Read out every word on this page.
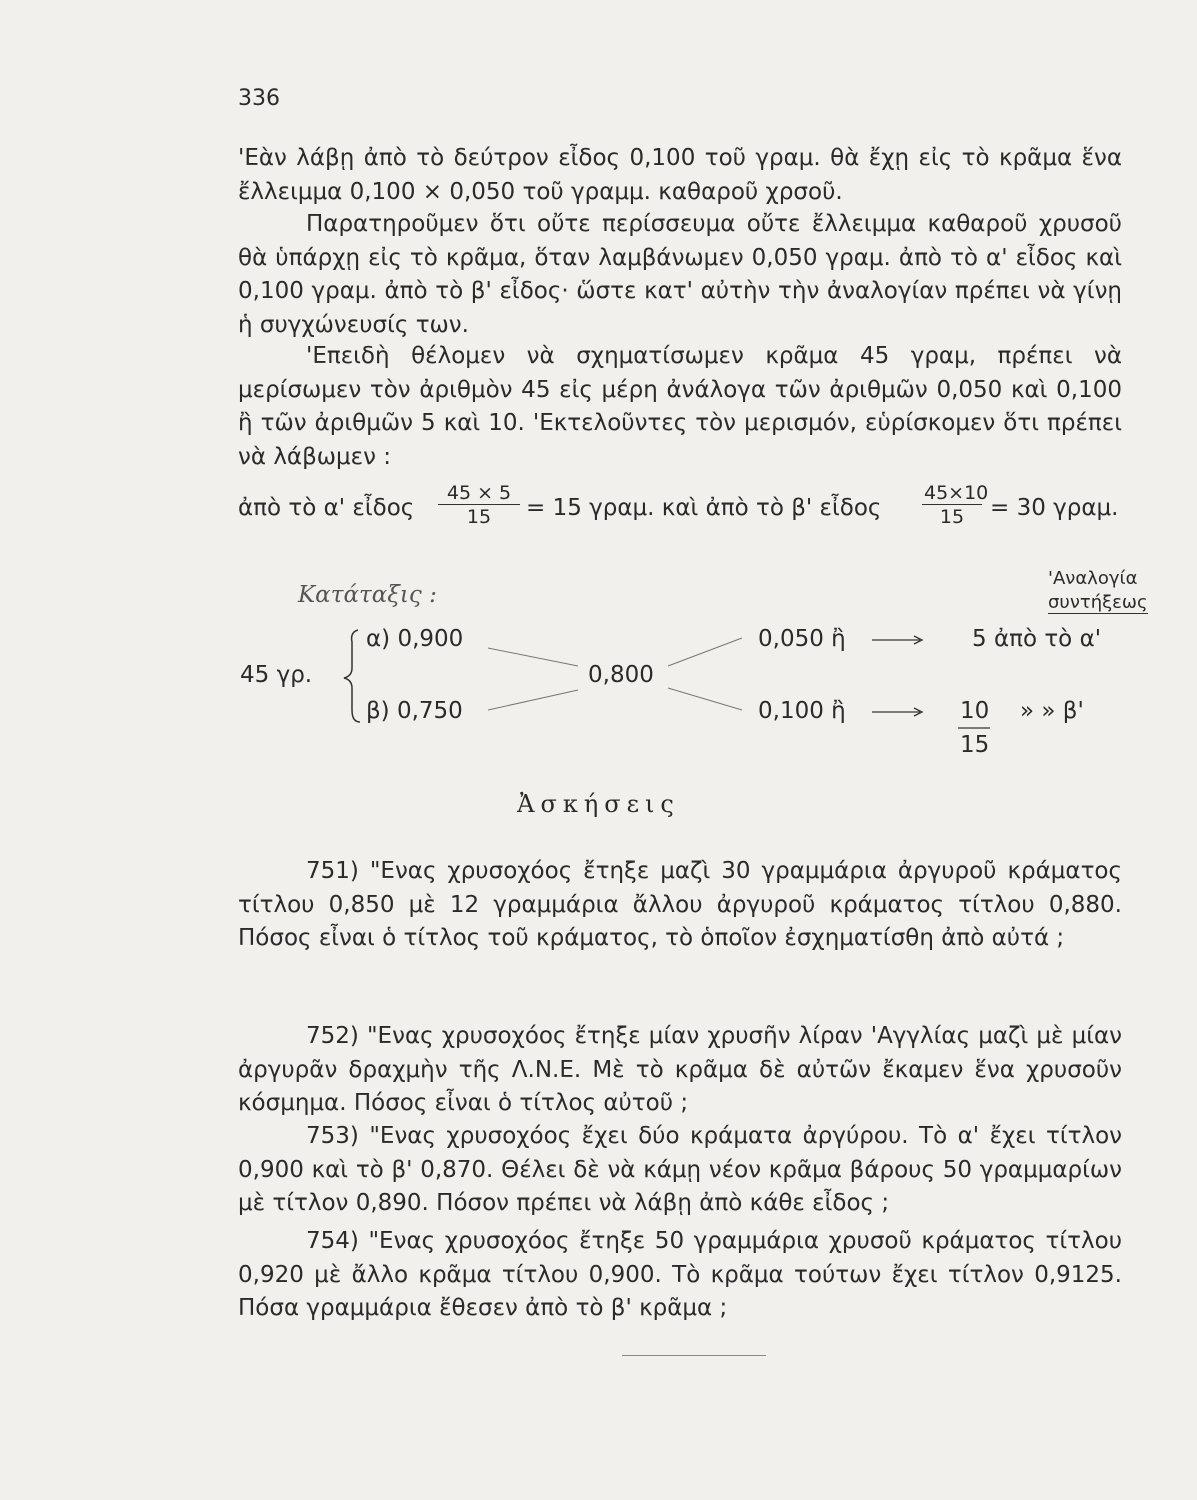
336

'Εὰν λάβῃ ἀπὸ τὸ δεύτρον εἶδος 0,100 τοῦ γραμ. θὰ ἔχῃ εἰς τὸ κρᾶμα ἕνα ἔλλειμμα 0,100 × 0,050 τοῦ γραμμ. καθαροῦ χρσοῦ.

Παρατηροῦμεν ὅτι οὔτε περίσσευμα οὔτε ἔλλειμμα καθαροῦ χρυσοῦ θὰ ὑπάρχῃ εἰς τὸ κρᾶμα, ὅταν λαμβάνωμεν 0,050 γραμ. ἀπὸ τὸ α' εἶδος καὶ 0,100 γραμ. ἀπὸ τὸ β' εἶδος· ὥστε κατ' αὐτὴν τὴν ἀναλογίαν πρέπει νὰ γίνῃ ἡ συγχώνευσίς των.

'Επειδὴ θέλομεν νὰ σχηματίσωμεν κρᾶμα 45 γραμ, πρέπει νὰ μερίσωμεν τὸν ἀριθμὸν 45 εἰς μέρη ἀνάλογα τῶν ἀριθμῶν 0,050 καὶ 0,100 ἢ τῶν ἀριθμῶν 5 καὶ 10. 'Εκτελοῦντες τὸν μερισμόν, εὑρίσκομεν ὅτι πρέπει νὰ λάβωμεν :

ἀπὸ τὸ α' εἶδος $\frac{45 \times 5}{15} = 15$ γραμ. καὶ ἀπὸ τὸ β' εἶδος $\frac{45\times 10}{15} = 30$ γραμ.
Κατάταξις :
'Αναλογία
συντήξεως
45 γρ.
α) 0,900
β) 0,750
0,800
0,050 ἢ
0,100 ἢ
5 ἀπὸ τὸ α'
10
15
» » β'
Ἀσκήσεις

751) "Ενας χρυσοχόος ἔτηξε μαζὶ 30 γραμμάρια ἀργυροῦ κράματος τίτλου 0,850 μὲ 12 γραμμάρια ἄλλου ἀργυροῦ κράματος τίτλου 0,880. Πόσος εἶναι ὁ τίτλος τοῦ κράματος, τὸ ὁποῖον ἐσχηματίσθη ἀπὸ αὐτά ;

752) "Ενας χρυσοχόος ἔτηξε μίαν χρυσῆν λίραν 'Αγγλίας μαζὶ μὲ μίαν ἀργυρᾶν δραχμὴν τῆς Λ.Ν.Ε. Μὲ τὸ κρᾶμα δὲ αὐτῶν ἔκαμεν ἕνα χρυσοῦν κόσμημα. Πόσος εἶναι ὁ τίτλος αὐτοῦ ;

753) "Ενας χρυσοχόος ἔχει δύο κράματα ἀργύρου. Τὸ α' ἔχει τίτλον 0,900 καὶ τὸ β' 0,870. Θέλει δὲ νὰ κάμῃ νέον κρᾶμα βάρους 50 γραμμαρίων μὲ τίτλον 0,890. Πόσον πρέπει νὰ λάβῃ ἀπὸ κάθε εἶδος ;

754) "Ενας χρυσοχόος ἔτηξε 50 γραμμάρια χρυσοῦ κράματος τίτλου 0,920 μὲ ἄλλο κρᾶμα τίτλου 0,900. Τὸ κρᾶμα τούτων ἔχει τίτλον 0,9125. Πόσα γραμμάρια ἔθεσεν ἀπὸ τὸ β' κρᾶμα ;
